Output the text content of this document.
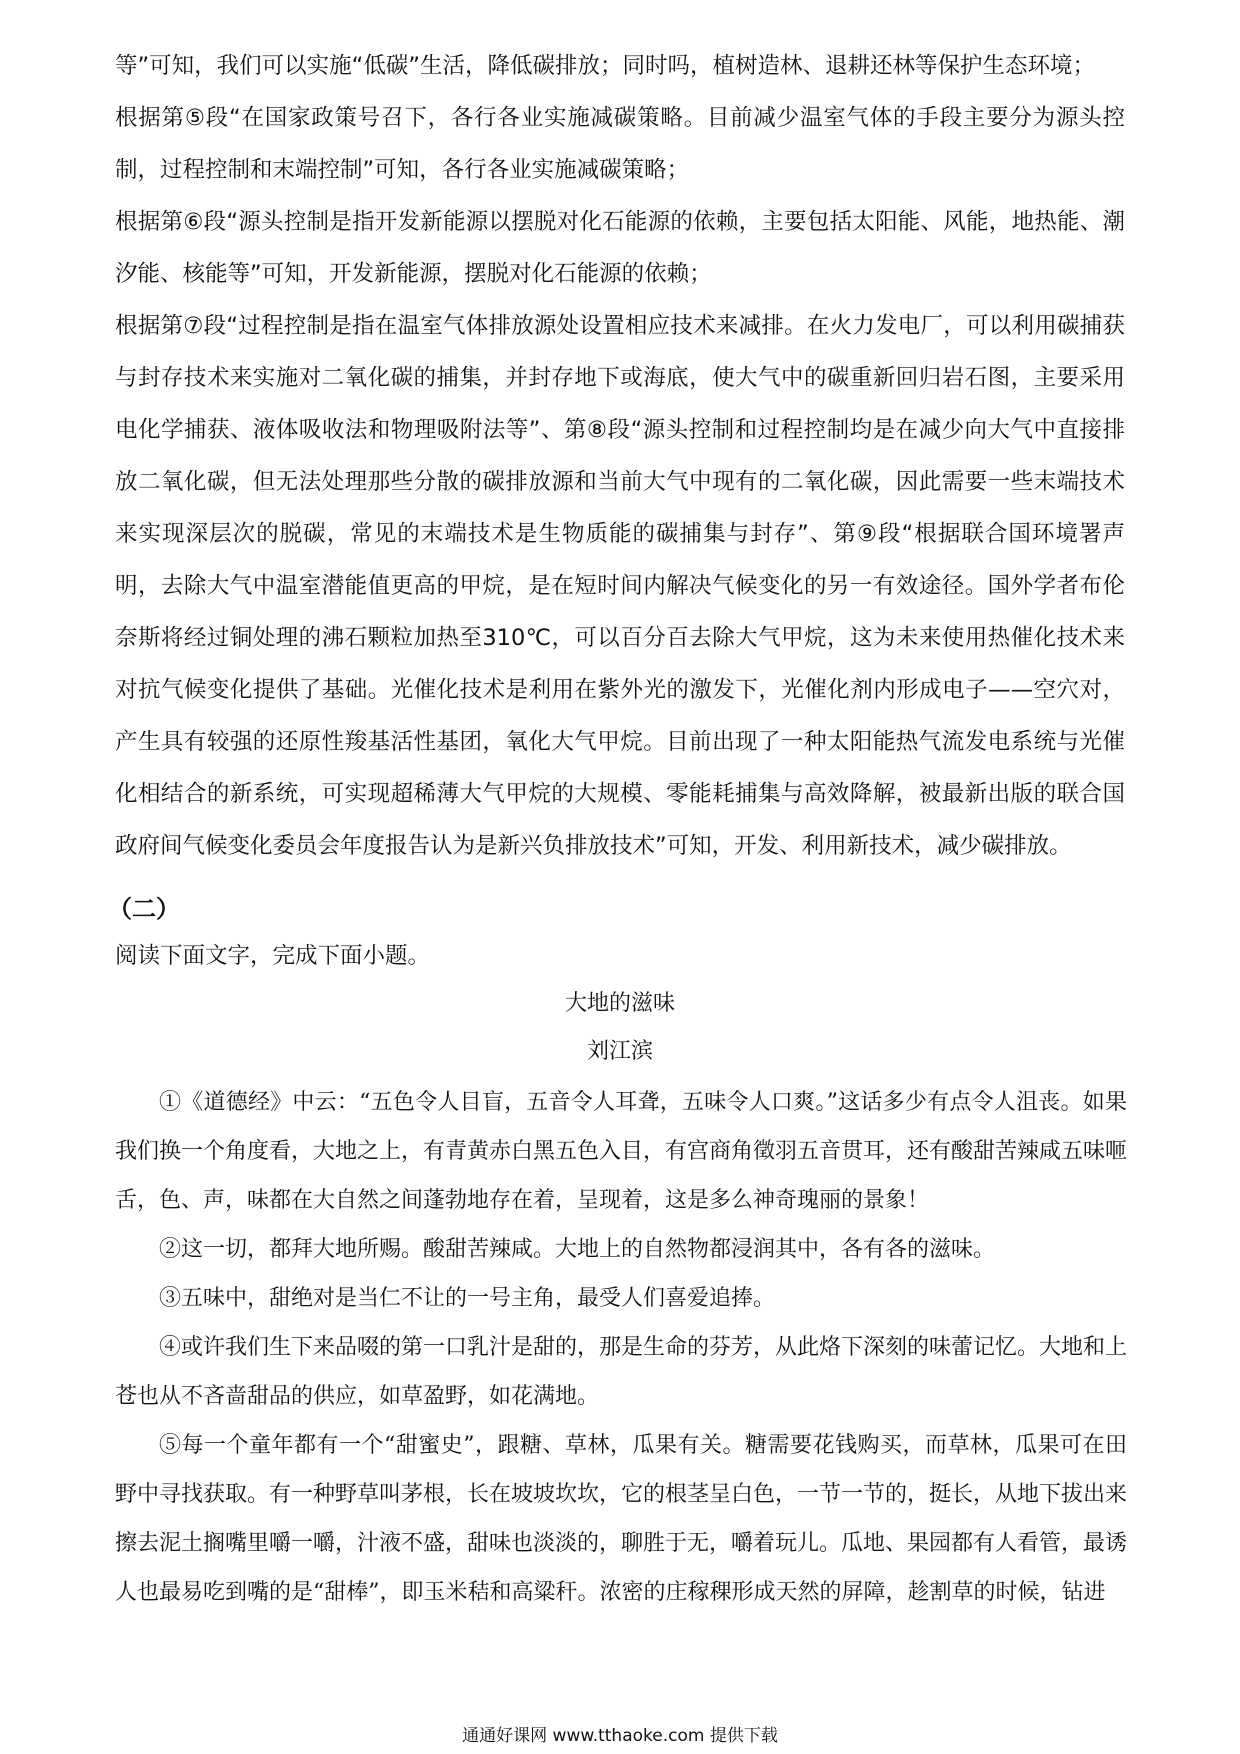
等”可知，我们可以实施“低碳”生活，降低碳排放；同时吗，植树造林、退耕还林等保护生态环境；

根据第⑤段“在国家政策号召下，各行各业实施减碳策略。目前减少温室气体的手段主要分为源头控制，过程控制和末端控制”可知，各行各业实施减碳策略；

根据第⑥段“源头控制是指开发新能源以摆脱对化石能源的依赖，主要包括太阳能、风能，地热能、潮汐能、核能等”可知，开发新能源，摆脱对化石能源的依赖；

根据第⑦段“过程控制是指在温室气体排放源处设置相应技术来减排。在火力发电厂，可以利用碳捕获与封存技术来实施对二氧化碳的捕集，并封存地下或海底，使大气中的碳重新回归岩石图，主要采用电化学捕获、液体吸收法和物理吸附法等”、第⑧段“源头控制和过程控制均是在减少向大气中直接排放二氧化碳，但无法处理那些分散的碳排放源和当前大气中现有的二氧化碳，因此需要一些末端技术来实现深层次的脱碳，常见的末端技术是生物质能的碳捕集与封存”、第⑨段“根据联合国环境署声明，去除大气中温室潜能值更高的甲烷，是在短时间内解决气候变化的另一有效途径。国外学者布伦奈斯将经过铜处理的沸石颗粒加热至310℃，可以百分百去除大气甲烷，这为未来使用热催化技术来对抗气候变化提供了基础。光催化技术是利用在紫外光的激发下，光催化剂内形成电子——空穴对，产生具有较强的还原性羧基活性基团，氧化大气甲烷。目前出现了一种太阳能热气流发电系统与光催化相结合的新系统，可实现超稀薄大气甲烷的大规模、零能耗捕集与高效降解，被最新出版的联合国政府间气候变化委员会年度报告认为是新兴负排放技术”可知，开发、利用新技术，减少碳排放。

（二）
阅读下面文字，完成下面小题。
大地的滋味
刘江滨

①《道德经》中云：“五色令人目盲，五音令人耳聋，五味令人口爽。”这话多少有点令人沮丧。如果我们换一个角度看，大地之上，有青黄赤白黑五色入目，有宫商角徵羽五音贯耳，还有酸甜苦辣咸五味咂舌，色、声，味都在大自然之间蓬勃地存在着，呈现着，这是多么神奇瑰丽的景象！

②这一切，都拜大地所赐。酸甜苦辣咸。大地上的自然物都浸润其中，各有各的滋味。

③五味中，甜绝对是当仁不让的一号主角，最受人们喜爱追捧。

④或许我们生下来品啜的第一口乳汁是甜的，那是生命的芬芳，从此烙下深刻的味蕾记忆。大地和上苍也从不吝啬甜品的供应，如草盈野，如花满地。

⑤每一个童年都有一个“甜蜜史”，跟糖、草林，瓜果有关。糖需要花钱购买，而草林，瓜果可在田野中寻找获取。有一种野草叫茅根，长在坡坡坎坎，它的根茎呈白色，一节一节的，挺长，从地下拔出来擦去泥土搁嘴里嚼一嚼，汁液不盛，甜味也淡淡的，聊胜于无，嚼着玩儿。瓜地、果园都有人看管，最诱人也最易吃到嘴的是“甜棒”，即玉米秸和高粱秆。浓密的庄稼稞形成天然的屏障，趁割草的时候，钻进

通通好课网 www.tthaoke.com 提供下载
